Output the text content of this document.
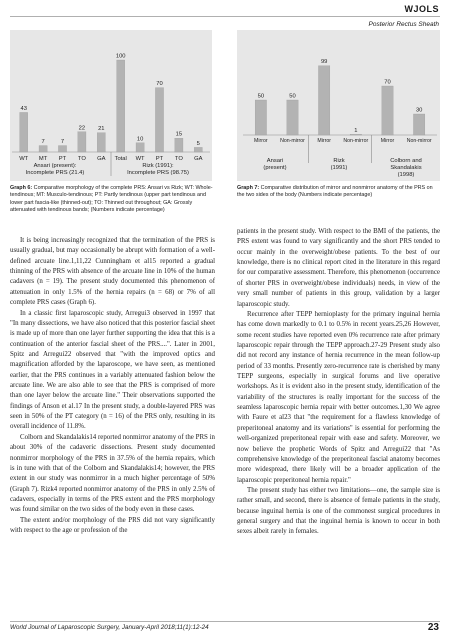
WJOLS
Posterior Rectus Sheath
43
WT
7
MT
7
PT
22
TO
21
GA
100
Total
10
WT
70
PT
15
TO
5
GA
Ansari (present):
Incomplete PRS (21.4)
Rizk (1991):
Incomplete PRS (98.75)
50
Mirror
50
Non-mirror
99
Mirror
1
Non-mirror
70
Mirror
30
Non-mirror
Ansari
(present)
Rizk
(1991)
Colborn and
Skandalakis
(1998)
Graph 6: Comparative morphology of the complete PRS: Ansari vs Rizk; WT: Whole-tendinous; MT: Musculo-tendinous; PT: Partly tendinous (upper part tendinous and lower part fascia-like (thinned-out); TO: Thinned out throughout; GA: Grossly attenuated with tendinous bands; (Numbers indicate percentage)
Graph 7: Comparative distribution of mirror and nonmirror anatomy of the PRS on the two sides of the body (Numbers indicate percentage)

It is being increasingly recognized that the termination of the PRS is usually gradual, but may occasionally be abrupt with formation of a well-defined arcuate line.1,11,22 Cunningham et al15 reported a gradual thinning of the PRS with absence of the arcuate line in 10% of the human cadavers (n = 19). The present study documented this phenomenon of attenuation in only 1.5% of the hernia repairs (n = 68) or 7% of all complete PRS cases (Graph 6).

In a classic first laparoscopic study, Arregui3 observed in 1997 that "In many dissections, we have also noticed that this posterior fascial sheet is made up of more than one layer further supporting the idea that this is a continuation of the anterior fascial sheet of the PRS....". Later in 2001, Spitz and Arregui22 observed that "with the improved optics and magnification afforded by the laparoscope, we have seen, as mentioned earlier, that the PRS continues in a variably attenuated fashion below the arcuate line. We are also able to see that the PRS is comprised of more than one layer below the arcuate line." Their observations supported the findings of Anson et al.17 In the present study, a double-layered PRS was seen in 50% of the PT category (n = 16) of the PRS only, resulting in its overall incidence of 11.8%.

Colborn and Skandalakis14 reported nonmirror anatomy of the PRS in about 30% of the cadaveric dissections. Present study documented nonmirror morphology of the PRS in 37.5% of the hernia repairs, which is in tune with that of the Colborn and Skandalakis14; however, the PRS extent in our study was nonmirror in a much higher percentage of 50% (Graph 7). Rizk4 reported nonmirror anatomy of the PRS in only 2.5% of cadavers, especially in terms of the PRS extent and the PRS morphology was found similar on the two sides of the body even in these cases.

The extent and/or morphology of the PRS did not vary significantly with respect to the age or profession of the

patients in the present study. With respect to the BMI of the patients, the PRS extent was found to vary significantly and the short PRS tended to occur mainly in the overweight/obese patients. To the best of our knowledge, there is no clinical report cited in the literature in this regard for our comparative assessment. Therefore, this phenomenon (occurrence of shorter PRS in overweight/obese individuals) needs, in view of the very small number of patients in this group, validation by a larger laparoscopic study.

Recurrence after TEPP hernioplasty for the primary inguinal hernia has come down markedly to 0.1 to 0.5% in recent years.25,26 However, some recent studies have reported even 0% recurrence rate after primary laparoscopic repair through the TEPP approach.27-29 Present study also did not record any instance of hernia recurrence in the mean follow-up period of 33 months. Presently zero-recurrence rate is cherished by many TEPP surgeons, especially in surgical forums and live operative workshops. As it is evident also in the present study, identification of the variability of the structures is really important for the success of the seamless laparoscopic hernia repair with better outcomes.1,30 We agree with Faure et al23 that "the requirement for a flawless knowledge of preperitoneal anatomy and its variations" is essential for performing the well-organized preperitoneal repair with ease and safety. Moreover, we now believe the prophetic Words of Spitz and Arregui22 that "As comprehensive knowledge of the preperitoneal fascial anatomy becomes more widespread, there likely will be a broader application of the laparoscopic preperitoneal hernia repair."

The present study has either two limitations—one, the sample size is rather small, and second, there is absence of female patients in the study, because inguinal hernia is one of the commonest surgical procedures in general surgery and that the inguinal hernia is known to occur in both sexes albeit rarely in females.

World Journal of Laparoscopic Surgery, January-April 2018;11(1):12-24	23
